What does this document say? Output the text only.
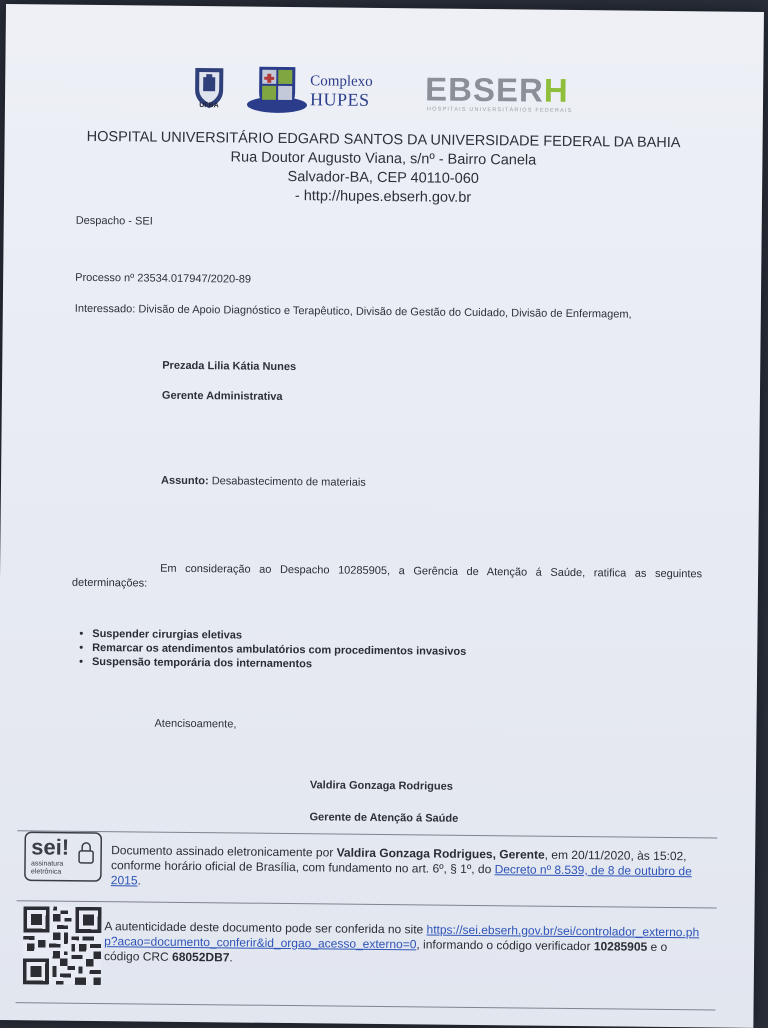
UFBA
Complexo
HUPES EBSERH
HOSPITAIS UNIVERSITÁRIOS FEDERAIS
HOSPITAL UNIVERSITÁRIO EDGARD SANTOS DA UNIVERSIDADE FEDERAL DA BAHIA
Rua Doutor Augusto Viana, s/nº - Bairro Canela
Salvador-BA, CEP 40110-060
- http://hupes.ebserh.gov.br
Despacho - SEI
Processo nº 23534.017947/2020-89
Interessado: Divisão de Apoio Diagnóstico e Terapêutico, Divisão de Gestão do Cuidado, Divisão de Enfermagem,
Prezada Lilia Kátia Nunes
Gerente Administrativa
Assunto: Desabastecimento de materiais
Em consideração ao Despacho 10285905, a Gerência de Atenção á Saúde, ratifica as seguintes determinações:
• Suspender cirurgias eletivas
• Remarcar os atendimentos ambulatórios com procedimentos invasivos
• Suspensão temporária dos internamentos
Atencisoamente,
Valdira Gonzaga Rodrigues
Gerente de Atenção á Saúde
sei!
assinatura
eletrônica
Documento assinado eletronicamente por Valdira Gonzaga Rodrigues, Gerente, em 20/11/2020, às 15:02, conforme horário oficial de Brasília, com fundamento no art. 6º, § 1º, do Decreto nº 8.539, de 8 de outubro de 2015.
A autenticidade deste documento pode ser conferida no site https://sei.ebserh.gov.br/sei/controlador_externo.php?acao=documento_conferir&id_orgao_acesso_externo=0, informando o código verificador 10285905 e o código CRC 68052DB7.
